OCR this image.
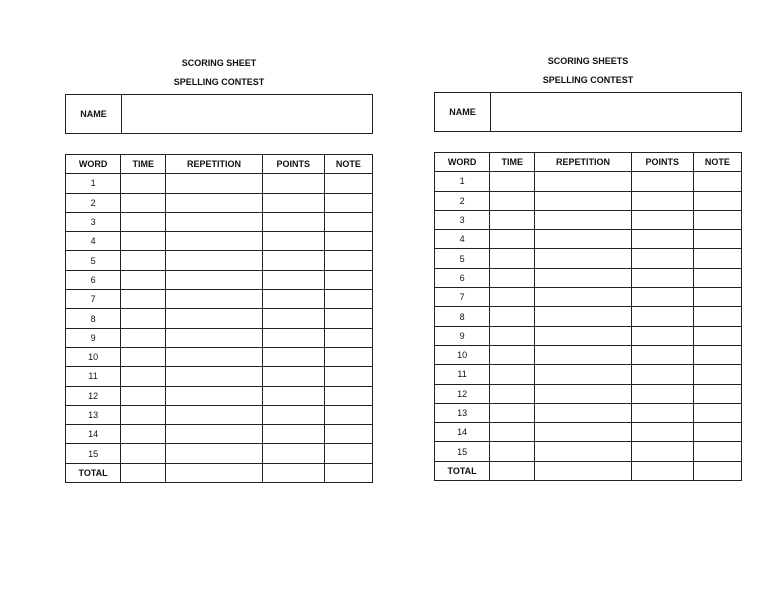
SCORING SHEET
SPELLING CONTEST
NAME
WORD	TIME	REPETITION	POINTS	NOTE
1				
2				
3				
4				
5				
6				
7				
8				
9				
10				
11				
12				
13				
14				
15				
TOTAL				
SCORING SHEETS
SPELLING CONTEST
NAME
WORD	TIME	REPETITION	POINTS	NOTE
1				
2				
3				
4				
5				
6				
7				
8				
9				
10				
11				
12				
13				
14				
15				
TOTAL				
